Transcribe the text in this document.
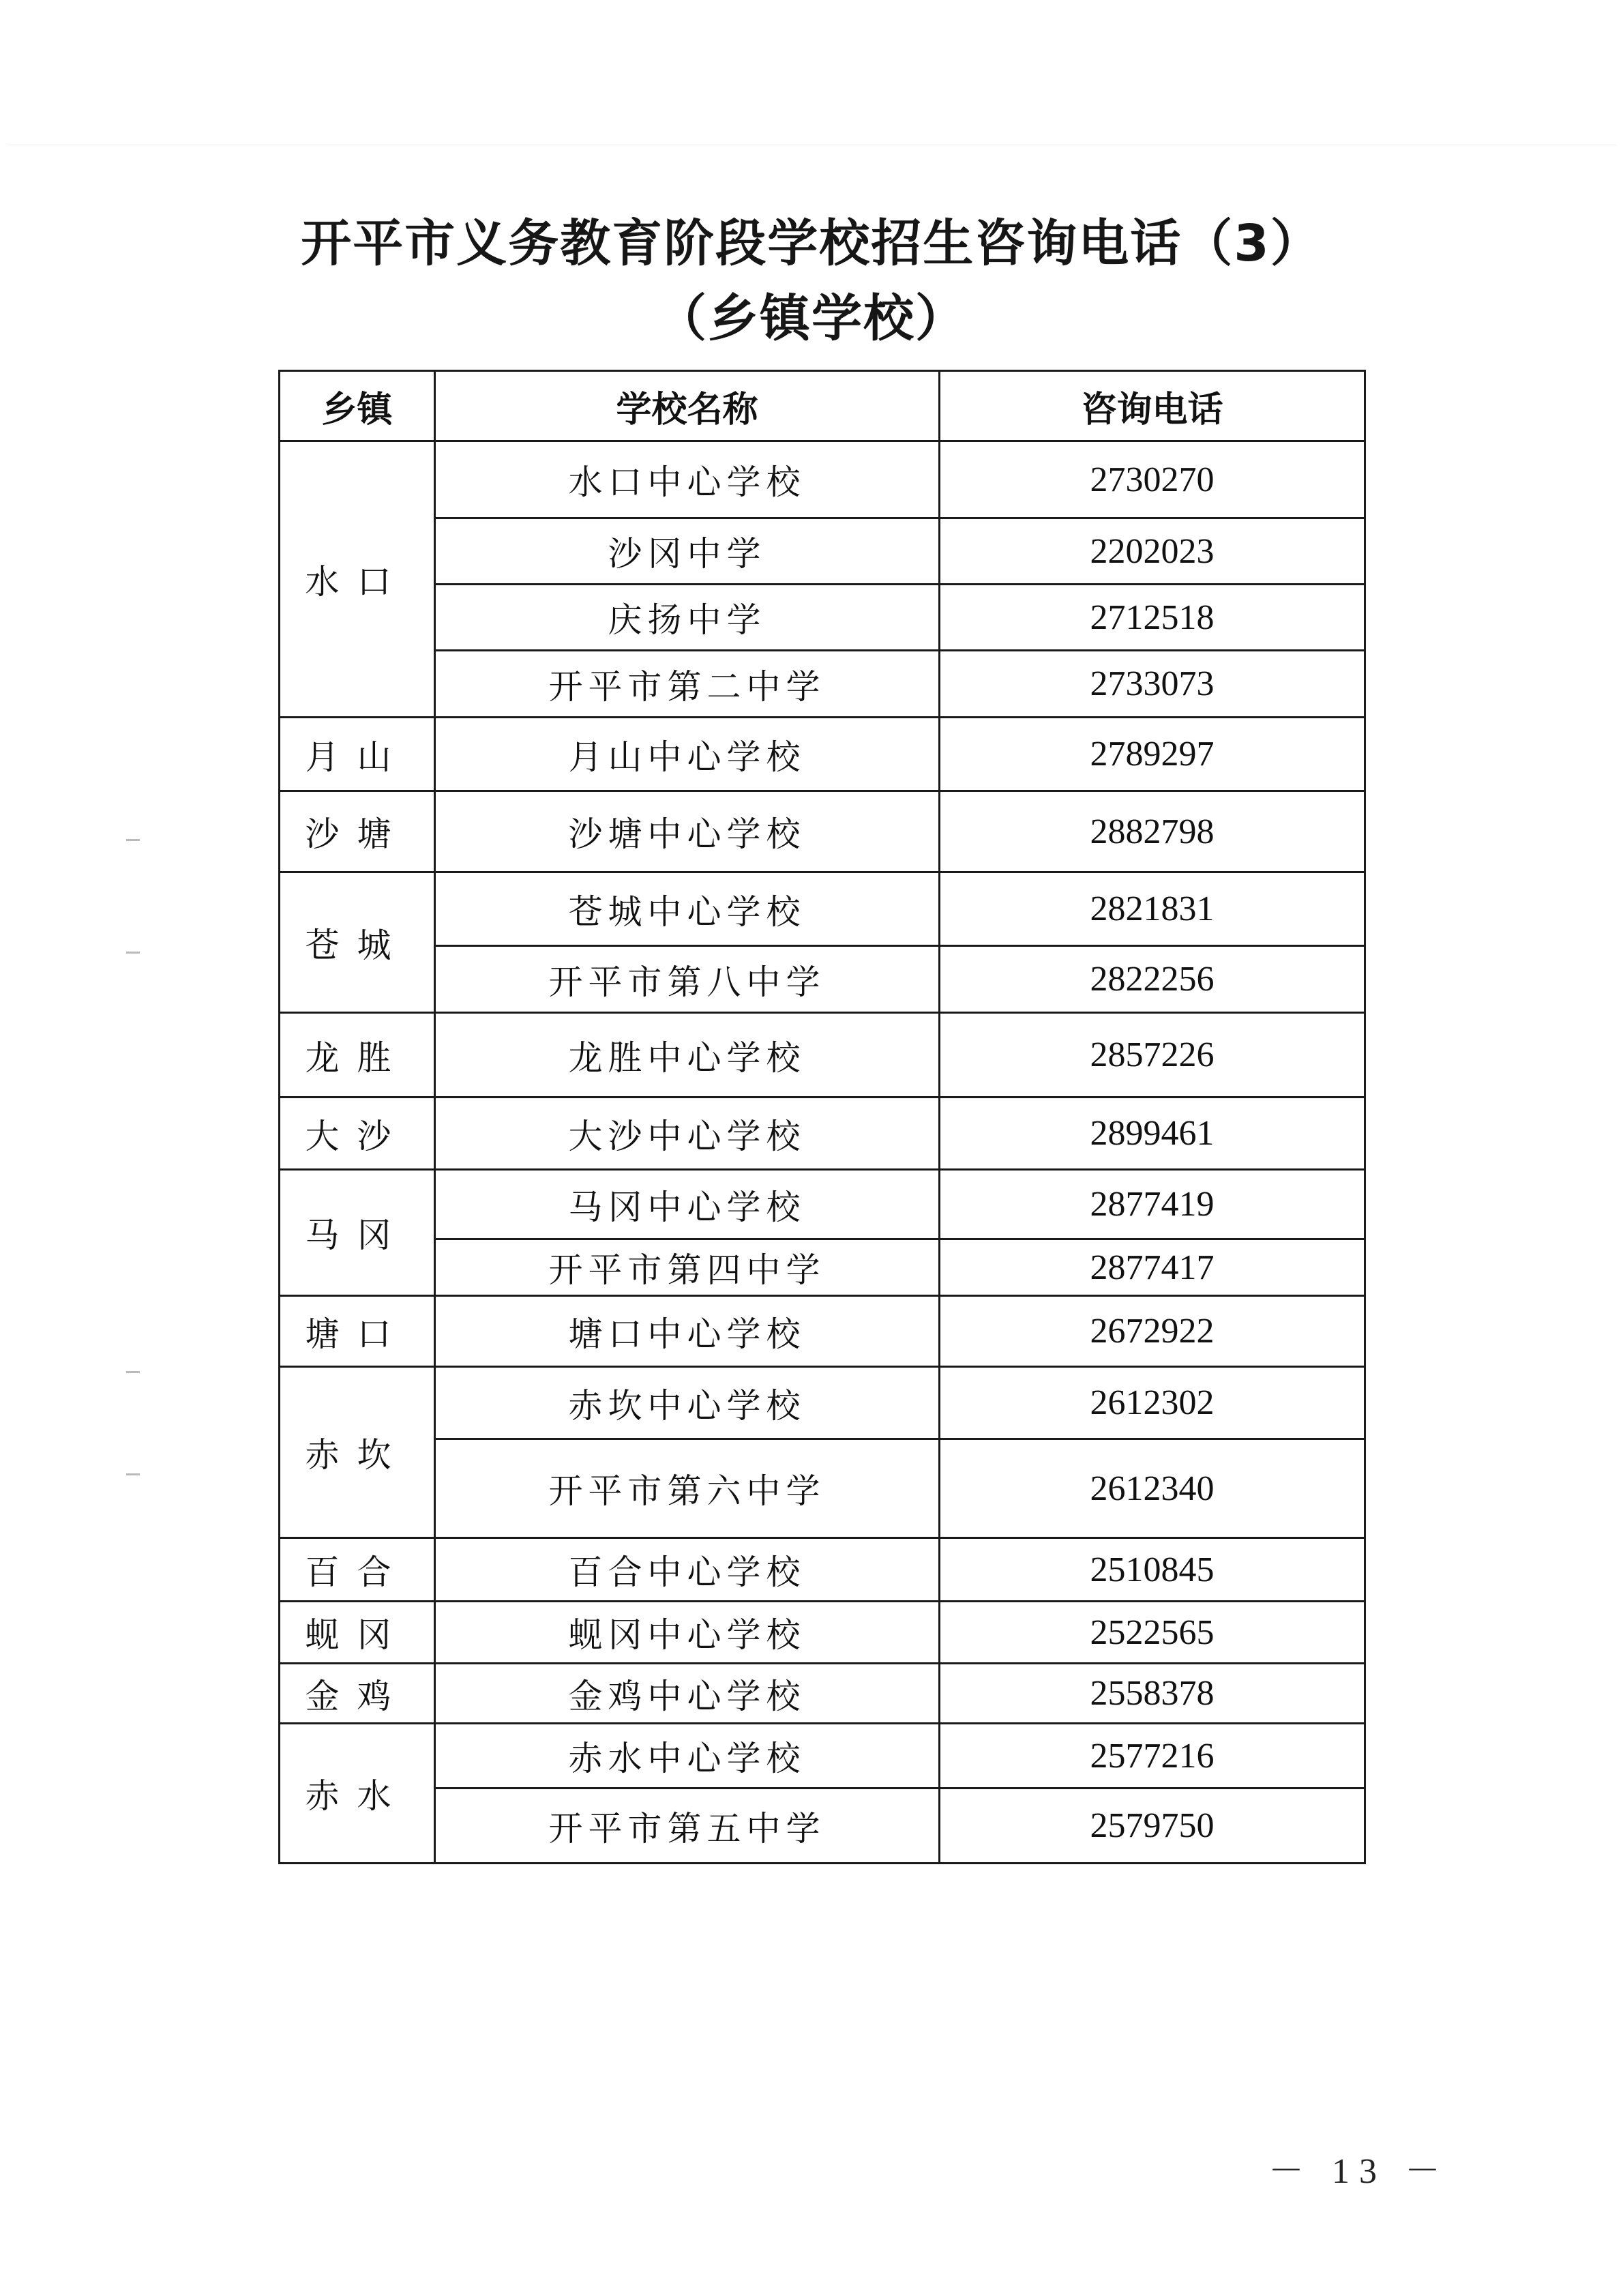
开平市义务教育阶段学校招生咨询电话（3）
（乡镇学校）
乡镇	学校名称	咨询电话
水口	水口中心学校	2730270
	沙冈中学	2202023
	庆扬中学	2712518
	开平市第二中学	2733073
月山	月山中心学校	2789297
沙塘	沙塘中心学校	2882798
苍城	苍城中心学校	2821831
	开平市第八中学	2822256
龙胜	龙胜中心学校	2857226
大沙	大沙中心学校	2899461
马冈	马冈中心学校	2877419
	开平市第四中学	2877417
塘口	塘口中心学校	2672922
赤坎	赤坎中心学校	2612302
	开平市第六中学	2612340
百合	百合中心学校	2510845
蚬冈	蚬冈中心学校	2522565
金鸡	金鸡中心学校	2558378
赤水	赤水中心学校	2577216
	开平市第五中学	2579750
－ 13 －
